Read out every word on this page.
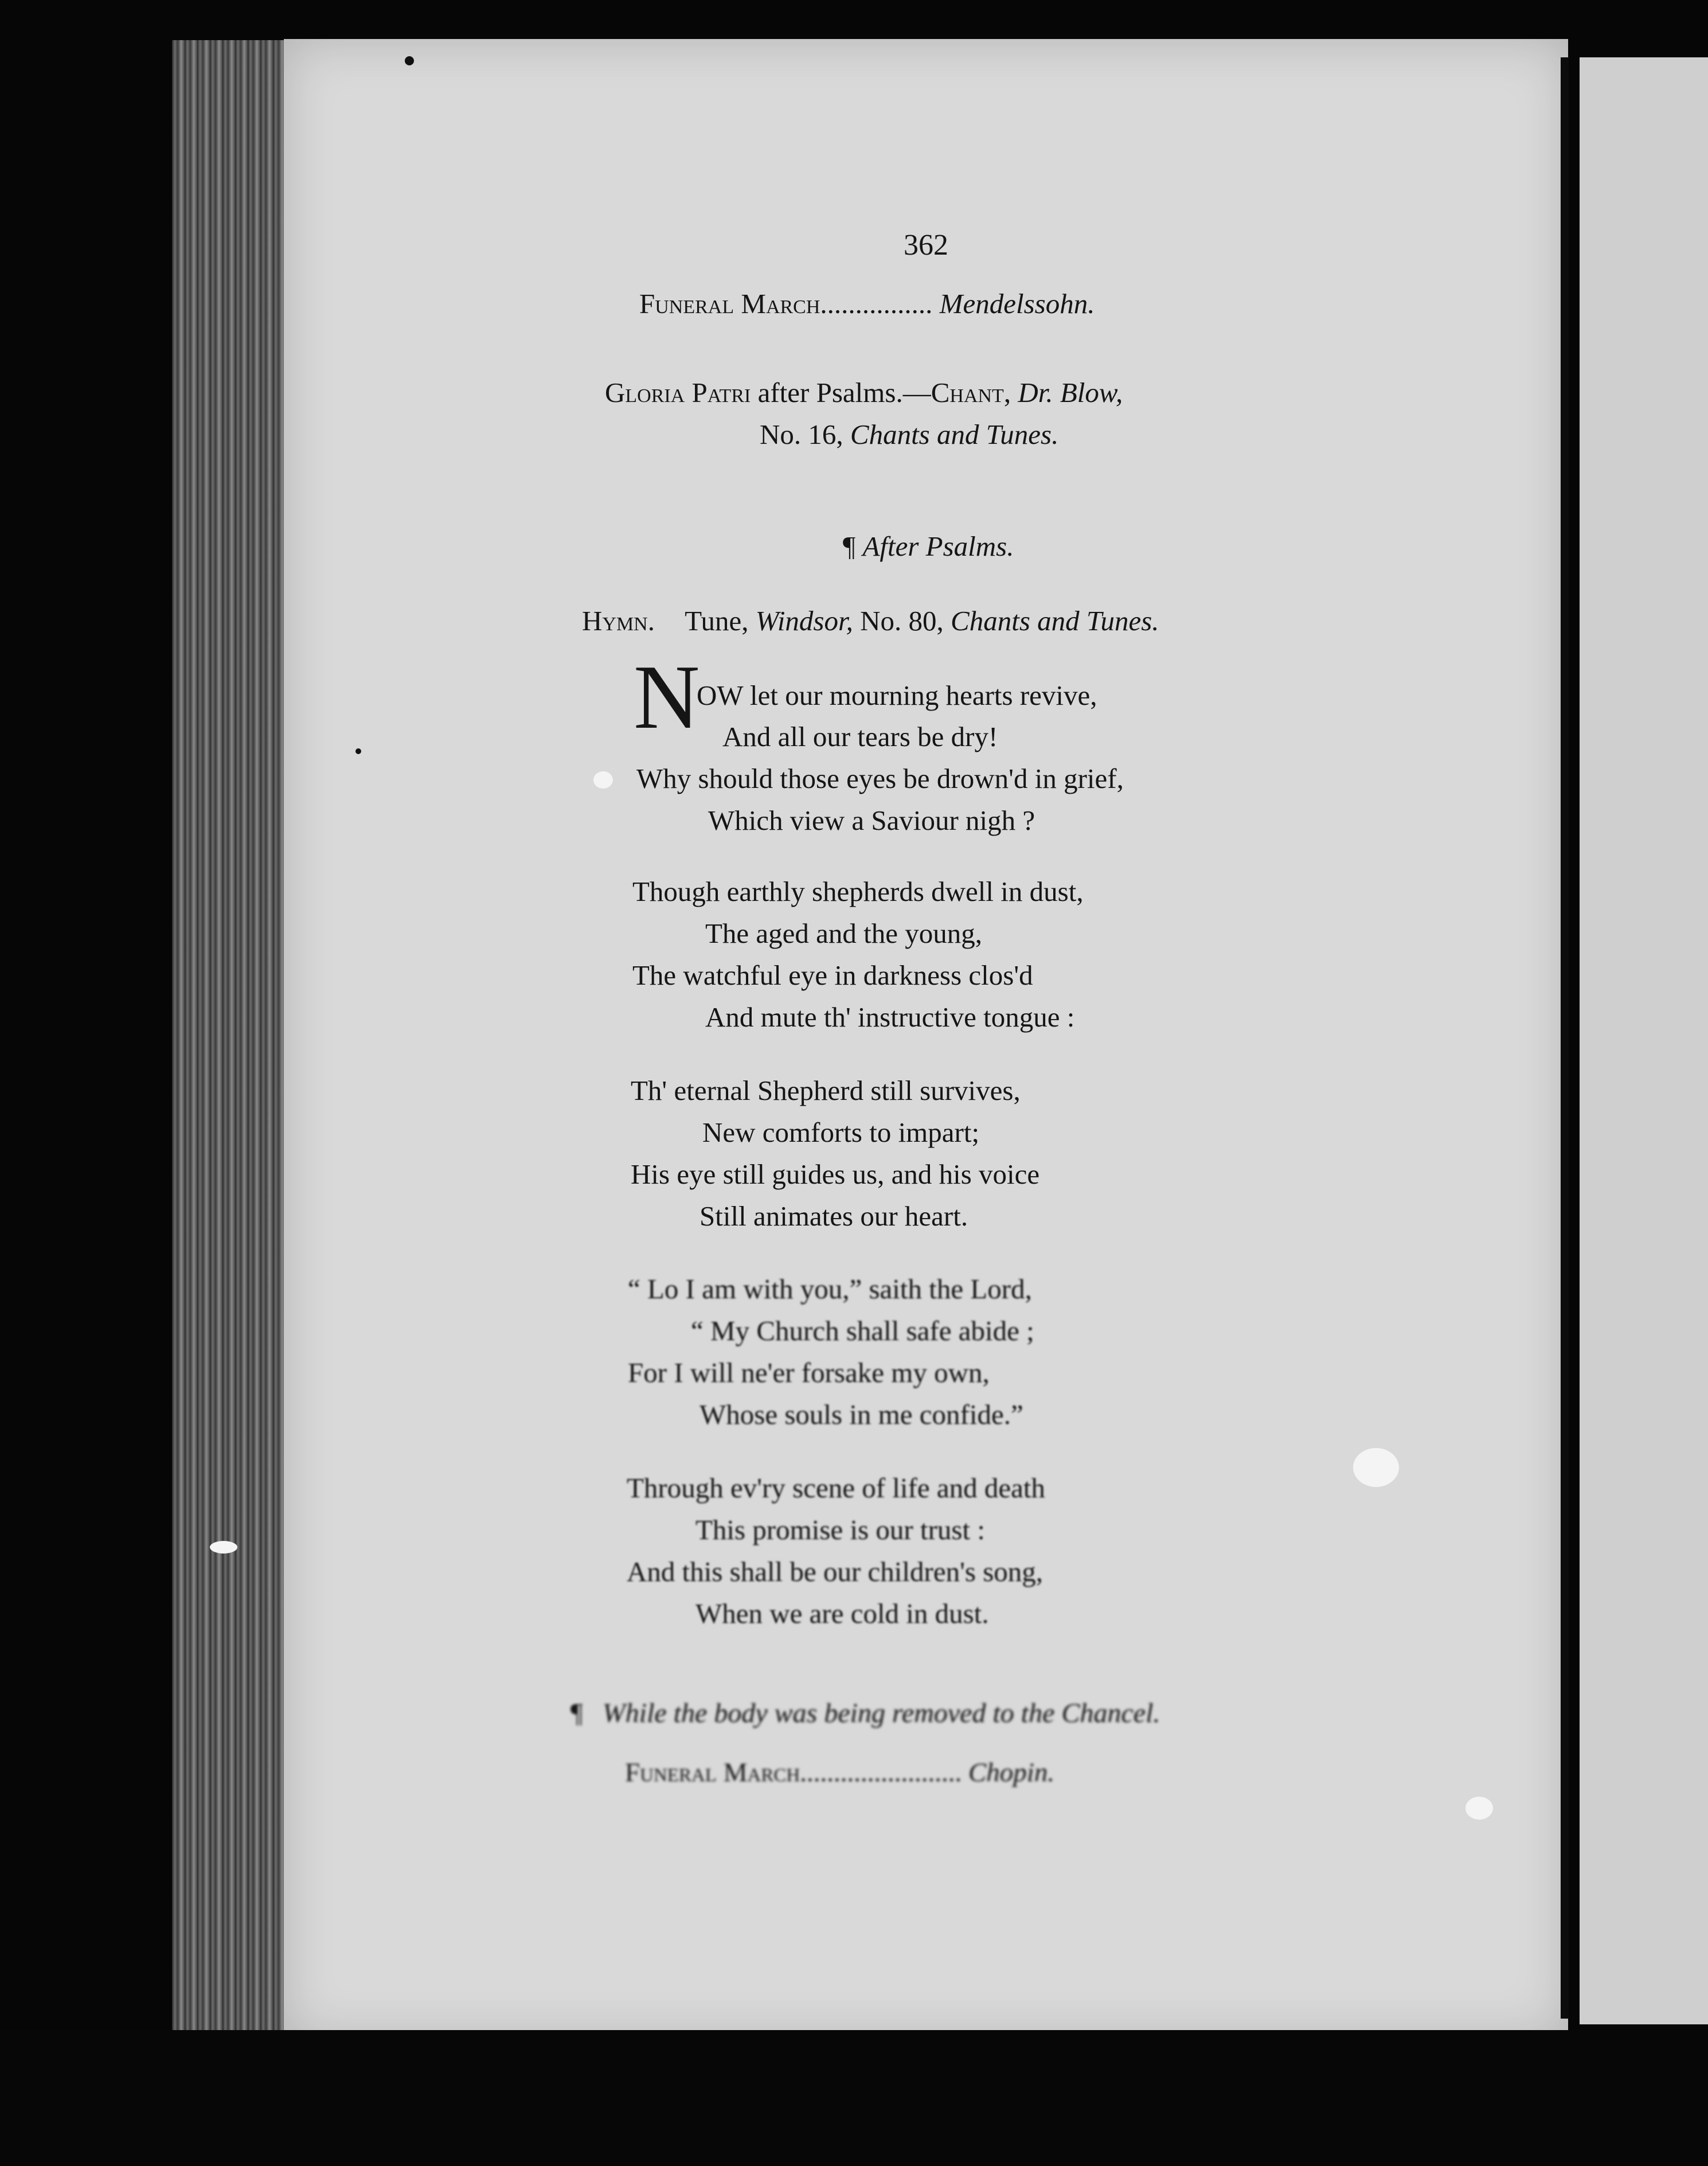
362
Funeral March................ Mendelssohn.
Gloria Patri after Psalms.—Chant, Dr. Blow,
No. 16, Chants and Tunes.
¶ After Psalms.
Hymn. Tune, Windsor, No. 80, Chants and Tunes.
N
OW let our mourning hearts revive,
And all our tears be dry!
Why should those eyes be drown'd in grief,
Which view a Saviour nigh ?
Though earthly shepherds dwell in dust,
The aged and the young,
The watchful eye in darkness clos'd
And mute th' instructive tongue :
Th' eternal Shepherd still survives,
New comforts to impart;
His eye still guides us, and his voice
Still animates our heart.
“ Lo I am with you,” saith the Lord,
“ My Church shall safe abide ;
For I will ne'er forsake my own,
Whose souls in me confide.”
Through ev'ry scene of life and death
This promise is our trust :
And this shall be our children's song,
When we are cold in dust.
¶ While the body was being removed to the Chancel.
Funeral March........................ Chopin.
